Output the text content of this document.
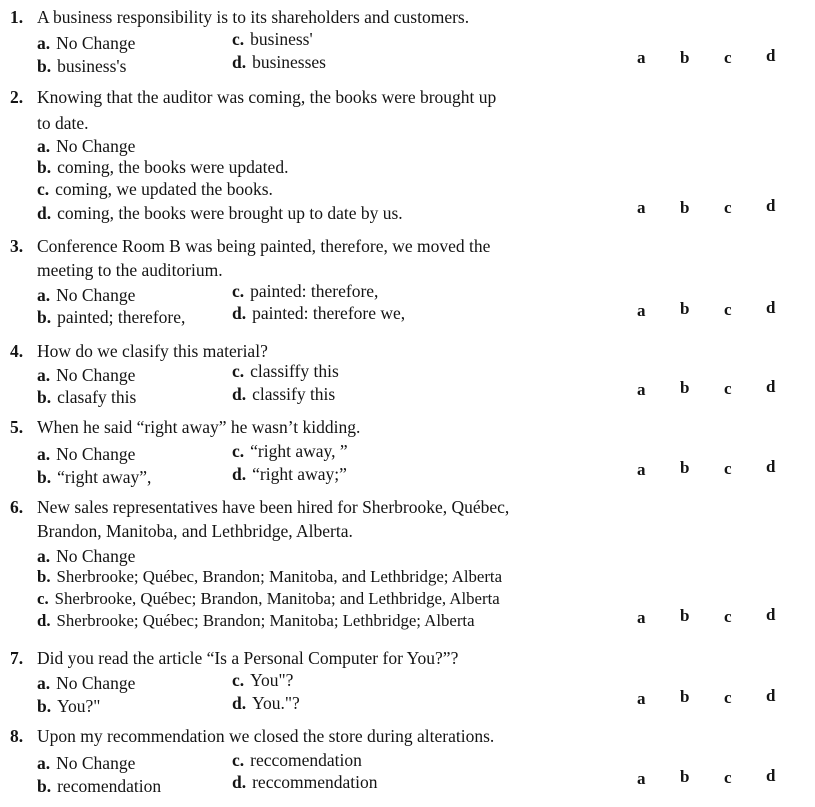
1. A business responsibility is to its shareholders and customers.
a. No Change	c. business'
b. business's	d. businesses	a b c d
2. Knowing that the auditor was coming, the books were brought up
to date.
a. No Change
b. coming, the books were updated.
c. coming, we updated the books.
d. coming, the books were brought up to date by us.	a b c d
3. Conference Room B was being painted, therefore, we moved the
meeting to the auditorium.
a. No Change	c. painted: therefore,
b. painted; therefore,	d. painted: therefore we,	a b c d
4. How do we clasify this material?
a. No Change	c. classiffy this
b. clasafy this	d. classify this	a b c d
5. When he said “right away” he wasn’t kidding.
a. No Change	c. “right away, ”
b. “right away”,	d. “right away;”	a b c d
6. New sales representatives have been hired for Sherbrooke, Québec,
Brandon, Manitoba, and Lethbridge, Alberta.
a. No Change
b. Sherbrooke; Québec, Brandon; Manitoba, and Lethbridge; Alberta
c. Sherbrooke, Québec; Brandon, Manitoba; and Lethbridge, Alberta
d. Sherbrooke; Québec; Brandon; Manitoba; Lethbridge; Alberta	a b c d
7. Did you read the article “Is a Personal Computer for You?”?
a. No Change	c. You"?
b. You?"	d. You."?	a b c d
8. Upon my recommendation we closed the store during alterations.
a. No Change	c. reccomendation
b. recomendation	d. reccommendation	a b c d
